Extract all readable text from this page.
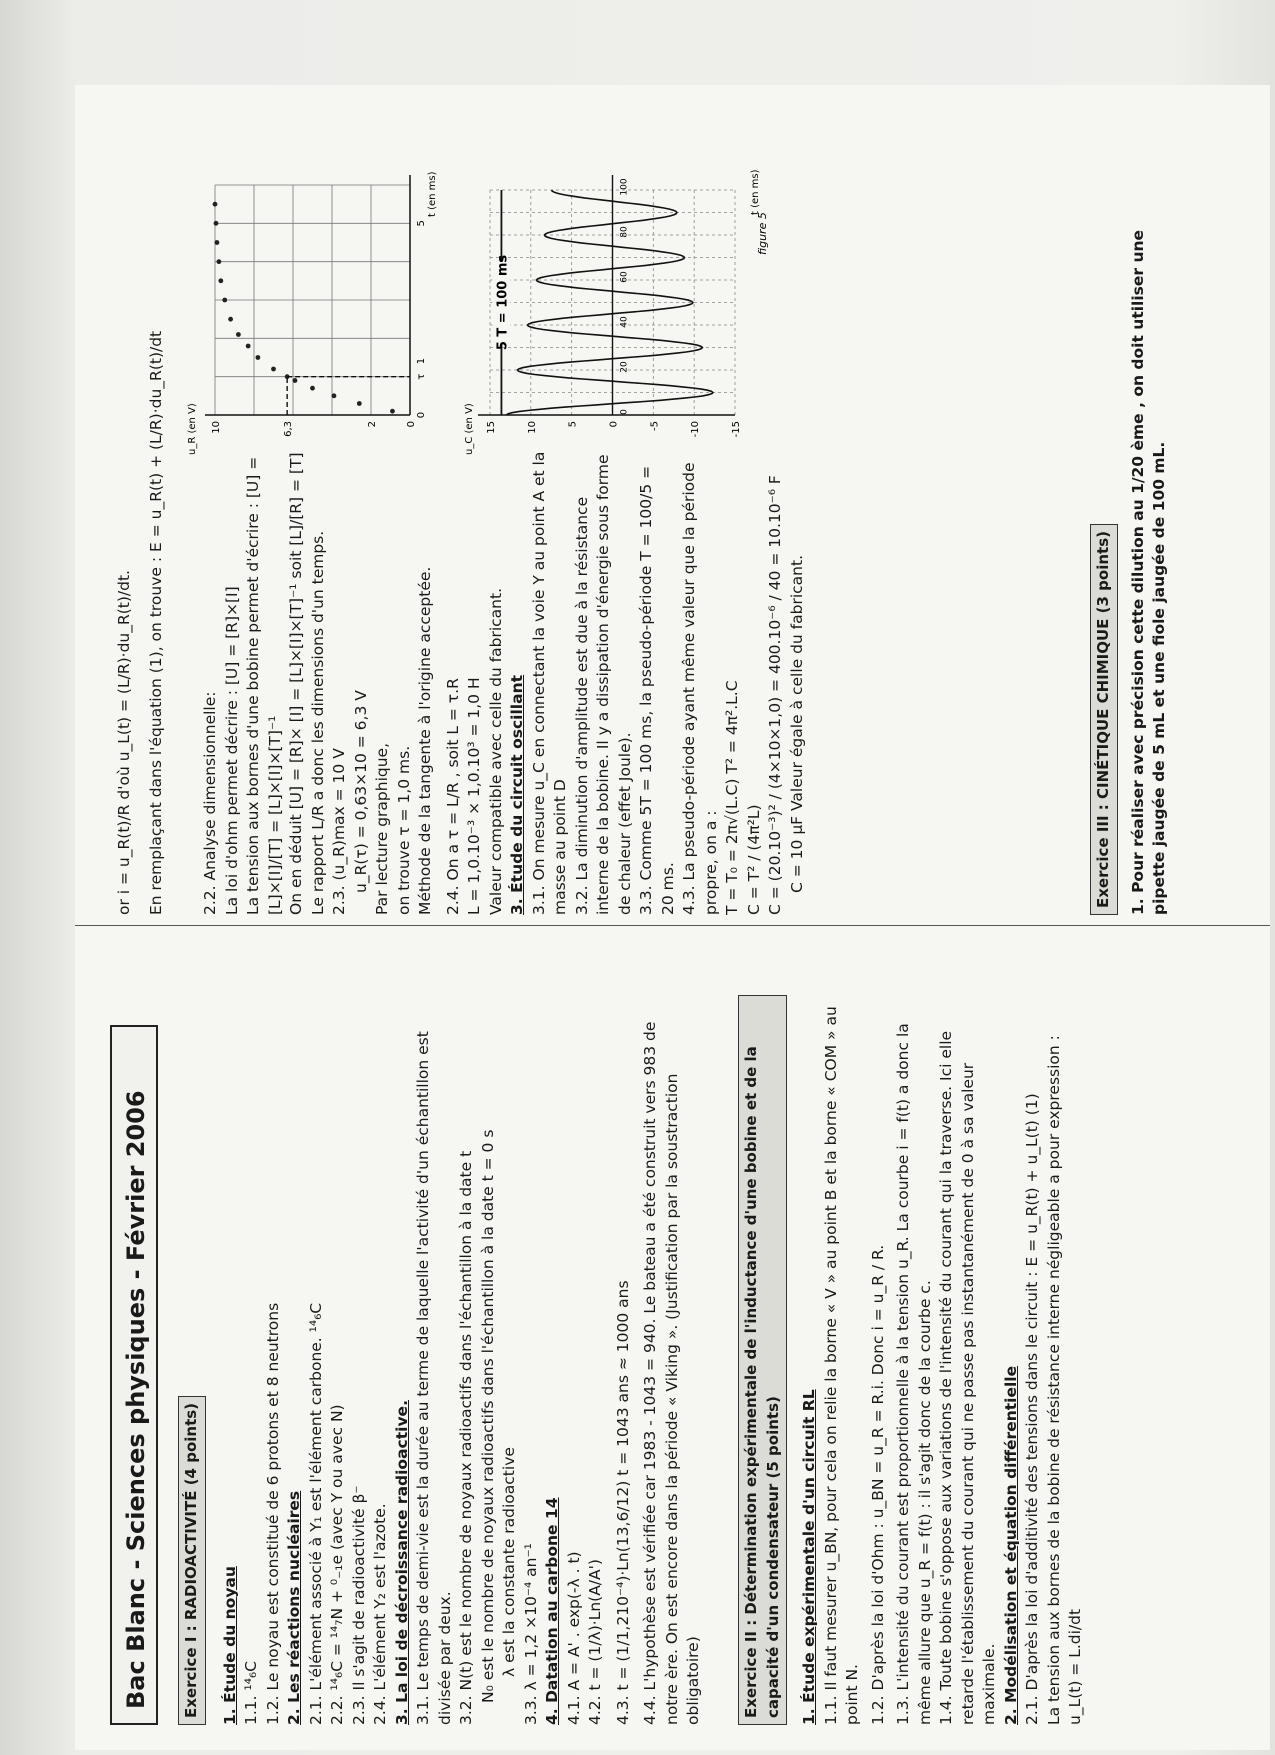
Bac Blanc - Sciences physiques - Février 2006	Exercice I : RADIOACTIVITÉ (4 points)	1. Étude du noyau 1.1. ¹⁴₆C 1.2. Le noyau est constitué de 6 protons et 8 neutrons 2. Les réactions nucléaires 2.1. L'élément associé à Y₁ est l'élément carbone. ¹⁴₆C 2.2. ¹⁴₆C = ¹⁴₇N + ⁰₋₁e (avec Y ou avec N) 2.3. Il s'agit de radioactivité β⁻ 2.4. L'élément Y₂ est l'azote. 3. La loi de décroissance radioactive. 3.1. Le temps de demi-vie est la durée au terme de laquelle l'activité d'un échantillon est divisée par deux. 3.2. N(t) est le nombre de noyaux radioactifs dans l'échantillon à la date t N₀ est le nombre de noyaux radioactifs dans l'échantillon à la date t = 0 s λ est la constante radioactive 3.3. λ = 1,2 ×10⁻⁴ an⁻¹ 4. Datation au carbone 14 4.1. A = A' . exp(-λ . t) 4.2. t = (1/λ)·Ln(A/A') 4.3. t = (1/1,210⁻⁴)·Ln(13,6/12) t = 1043 ans ≈ 1000 ans 4.4. L'hypothèse est vérifiée car 1983 - 1043 = 940. Le bateau a été construit vers 983 de notre ère. On est encore dans la période « Viking ». (Justification par la soustraction obligatoire)	Exercice II : Détermination expérimentale de l'inductance d'une bobine et de la capacité d'un condensateur (5 points)	1. Étude expérimentale d'un circuit RL 1.1. Il faut mesurer u_BN, pour cela on relie la borne « V » au point B et la borne « COM » au point N. 1.2. D'après la loi d'Ohm : u_BN = u_R = R.i. Donc i = u_R / R. 1.3. L'intensité du courant est proportionnelle à la tension u_R. La courbe i = f(t) a donc la même allure que u_R = f(t) : il s'agit donc de la courbe c. 1.4. Toute bobine s'oppose aux variations de l'intensité du courant qui la traverse. Ici elle retarde l'établissement du courant qui ne passe pas instantanément de 0 à sa valeur maximale. 2. Modélisation et équation différentielle 2.1. D'après la loi d'additivité des tensions dans le circuit : E = u_R(t) + u_L(t) (1) La tension aux bornes de la bobine de résistance interne négligeable a pour expression : u_L(t) = L.di/dt

or i = u_R(t)/R d'où u_L(t) = (L/R)·du_R(t)/dt. En remplaçant dans l'équation (1), on trouve : E = u_R(t) + (L/R)·du_R(t)/dt 2.2. Analyse dimensionnelle: La loi d'ohm permet décrire : [U] = [R]×[I] La tension aux bornes d'une bobine permet d'écrire : [U] = [L]×[I]/[T] = [L]×[I]×[T]⁻¹ On en déduit [U] = [R]× [I] = [L]×[I]×[T]⁻¹ soit [L]/[R] = [T] Le rapport L/R a donc les dimensions d'un temps. 2.3. (u_R)max = 10 V u_R(τ) = 0,63×10 = 6,3 V Par lecture graphique, on trouve τ = 1,0 ms. Méthode de la tangente à l'origine acceptée. 2.4. On a τ = L/R , soit L = τ.R L = 1,0.10⁻³ × 1,0.10³ = 1,0 H Valeur compatible avec celle du fabricant. 3. Étude du circuit oscillant 3.1. On mesure u_C en connectant la voie Y au point A et la masse au point D 3.2. La diminution d'amplitude est due à la résistance interne de la bobine. Il y a dissipation d'énergie sous forme de chaleur (effet Joule). 3.3. Comme 5T = 100 ms, la pseudo-période T = 100/5 = 20 ms. 4.3. La pseudo-période ayant même valeur que la période propre, on a : T = T₀ = 2π√(L.C) T² = 4π².L.C C = T² / (4π²L) C = (20.10⁻³)² / (4×10×1,0) = 400.10⁻⁶ / 40 = 10.10⁻⁶ F C = 10 µF Valeur égale à celle du fabricant.	Exercice III : CINÉTIQUE CHIMIQUE (3 points)	1. Pour réaliser avec précision cette dilution au 1/20 ème , on doit utiliser une pipette jaugée de 5 mL et une fiole jaugée de 100 mL.

0
2
6,3
10
0
τ
1
5
u_R (en V)
t (en ms)
15	10	5	0	-5	-10	-15
0
20
40
60
80
100
5 T = 100 ms
u_C (en V)
t (en ms)
figure 5
